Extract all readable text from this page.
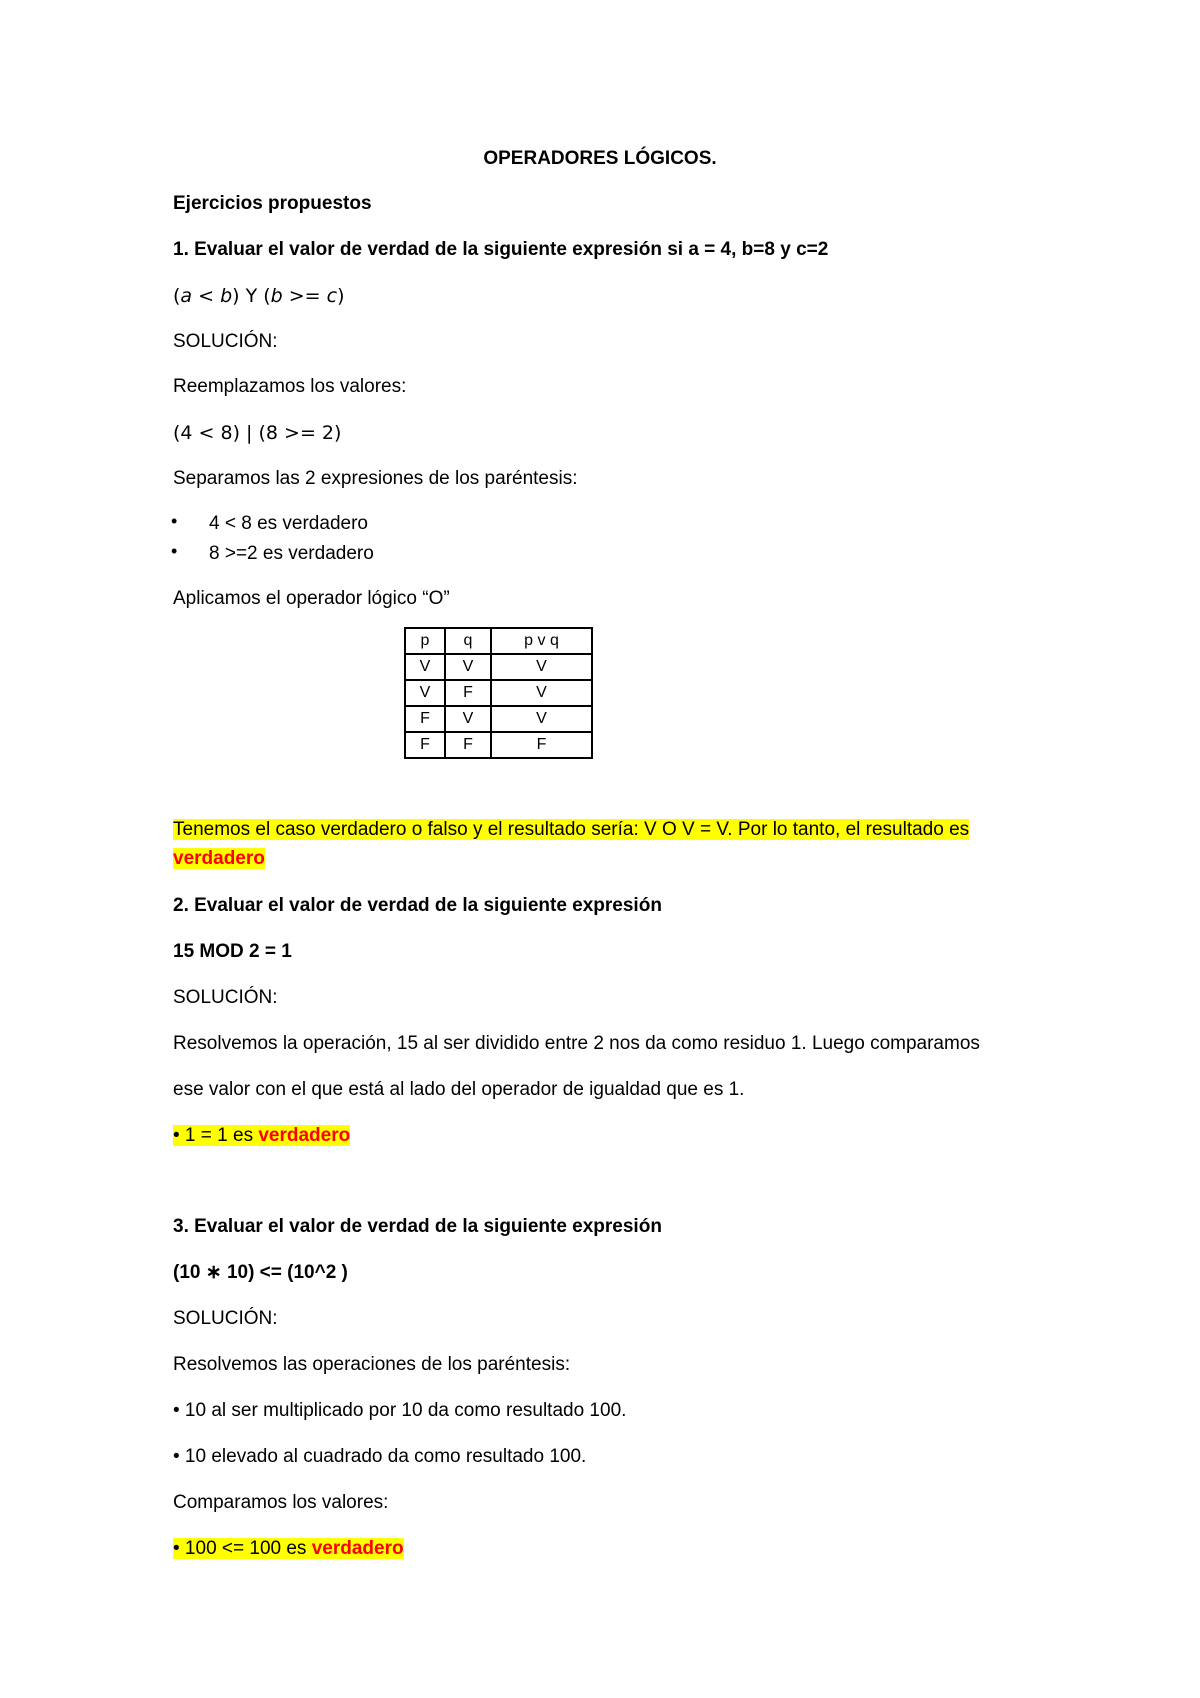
OPERADORES LÓGICOS.
Ejercicios propuestos
1. Evaluar el valor de verdad de la siguiente expresión si a = 4, b=8 y c=2
(a < b) Y (b >= c)
SOLUCIÓN:
Reemplazamos los valores:
(4 < 8) | (8 >= 2)
Separamos las 2 expresiones de los paréntesis:
• 4 < 8 es verdadero
• 8 >=2 es verdadero
Aplicamos el operador lógico “O”
p	q	p v q
V	V	V
V	F	V
F	V	V
F	F	F
Tenemos el caso verdadero o falso y el resultado sería: V O V = V. Por lo tanto, el resultado es
verdadero
2. Evaluar el valor de verdad de la siguiente expresión
15 MOD 2 = 1
SOLUCIÓN:
Resolvemos la operación, 15 al ser dividido entre 2 nos da como residuo 1. Luego comparamos
ese valor con el que está al lado del operador de igualdad que es 1.
• 1 = 1 es verdadero
3. Evaluar el valor de verdad de la siguiente expresión
(10 ∗ 10) <= (10^2 )
SOLUCIÓN:
Resolvemos las operaciones de los paréntesis:
• 10 al ser multiplicado por 10 da como resultado 100.
• 10 elevado al cuadrado da como resultado 100.
Comparamos los valores:
• 100 <= 100 es verdadero
